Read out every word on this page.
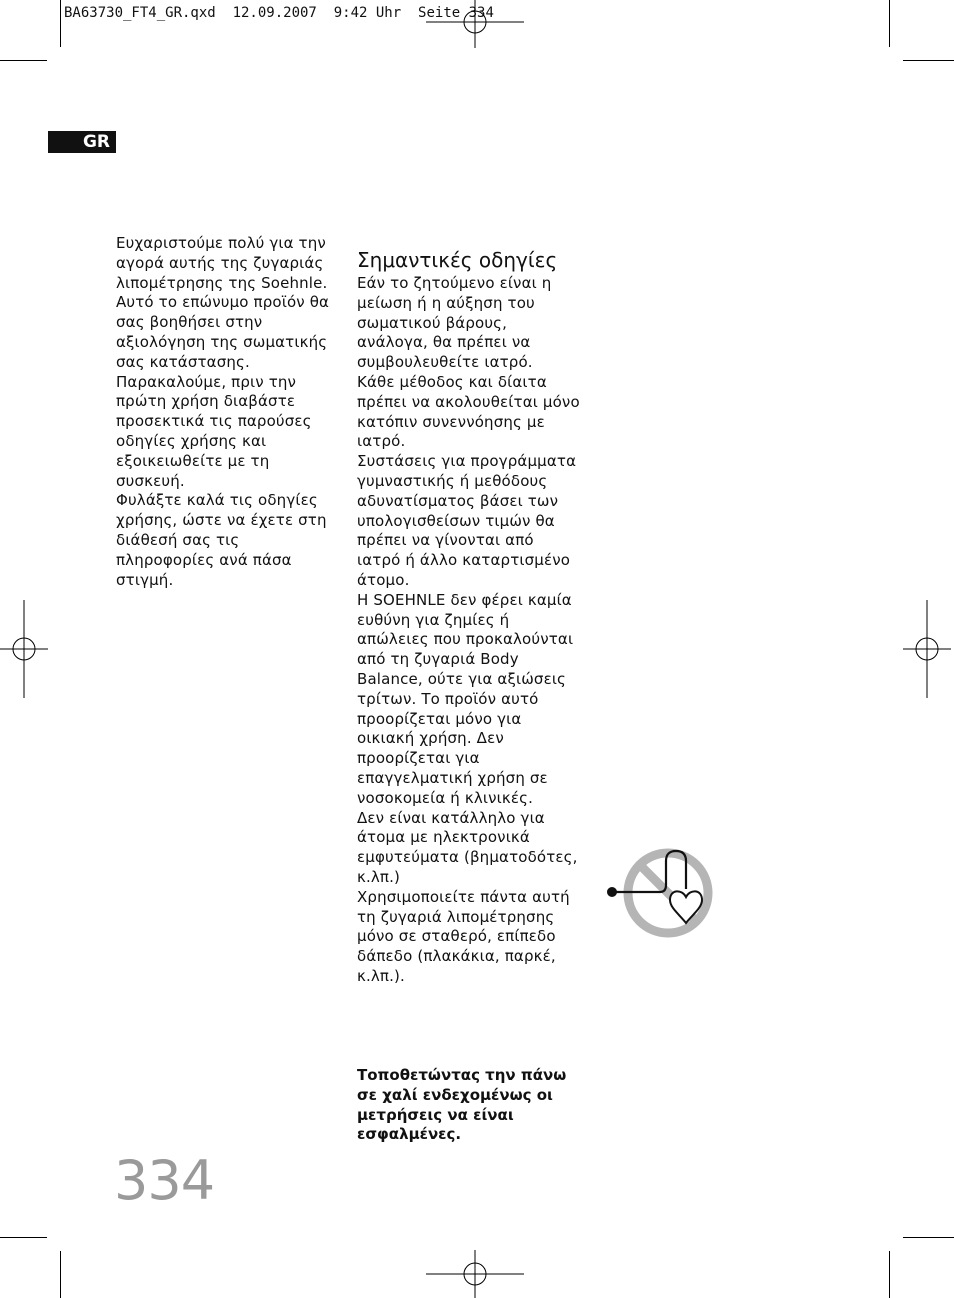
BA63730_FT4_GR.qxd 12.09.2007 9:42 Uhr Seite 334
GR

Ευχαριστούμε πολύ για την αγορά αυτής της ζυγαριάς λιπομέτρησης της Soehnle.

Αυτό το επώνυμο προϊόν θα σας βοηθήσει στην αξιολόγηση της σωματικής σας κατάστασης.

Παρακαλούμε, πριν την πρώτη χρήση διαβάστε προσεκτικά τις παρούσες οδηγίες χρήσης και εξοικειωθείτε με τη συσκευή.

Φυλάξτε καλά τις οδηγίες χρήσης, ώστε να έχετε στη διάθεσή σας τις πληροφορίες ανά πάσα στιγμή.

Σημαντικές οδηγίες

Εάν το ζητούμενο είναι η μείωση ή η αύξηση του σωματικού βάρους, ανάλογα, θα πρέπει να συμβουλευθείτε ιατρό.

Κάθε μέθοδος και δίαιτα πρέπει να ακολουθείται μόνο κατόπιν συνεννόησης με ιατρό.

Συστάσεις για προγράμματα γυμναστικής ή μεθόδους αδυνατίσματος βάσει των υπολογισθείσων τιμών θα πρέπει να γίνονται από ιατρό ή άλλο καταρτισμένο άτομο.

Η SOEHNLE δεν φέρει καμία ευθύνη για ζημίες ή απώλειες που προκαλούνται από τη ζυγαριά Body Balance, ούτε για αξιώσεις τρίτων. Το προϊόν αυτό προορίζεται μόνο για οικιακή χρήση. Δεν προορίζεται για επαγγελματική χρήση σε νοσοκομεία ή κλινικές.

Δεν είναι κατάλληλο για άτομα με ηλεκτρονικά εμφυτεύματα (βηματοδότες, κ.λπ.)

Χρησιμοποιείτε πάντα αυτή τη ζυγαριά λιπομέτρησης μόνο σε σταθερό, επίπεδο δάπεδο (πλακάκια, παρκέ, κ.λπ.).

Τοποθετώντας την πάνω σε χαλί ενδεχομένως οι μετρήσεις να είναι εσφαλμένες.
334
